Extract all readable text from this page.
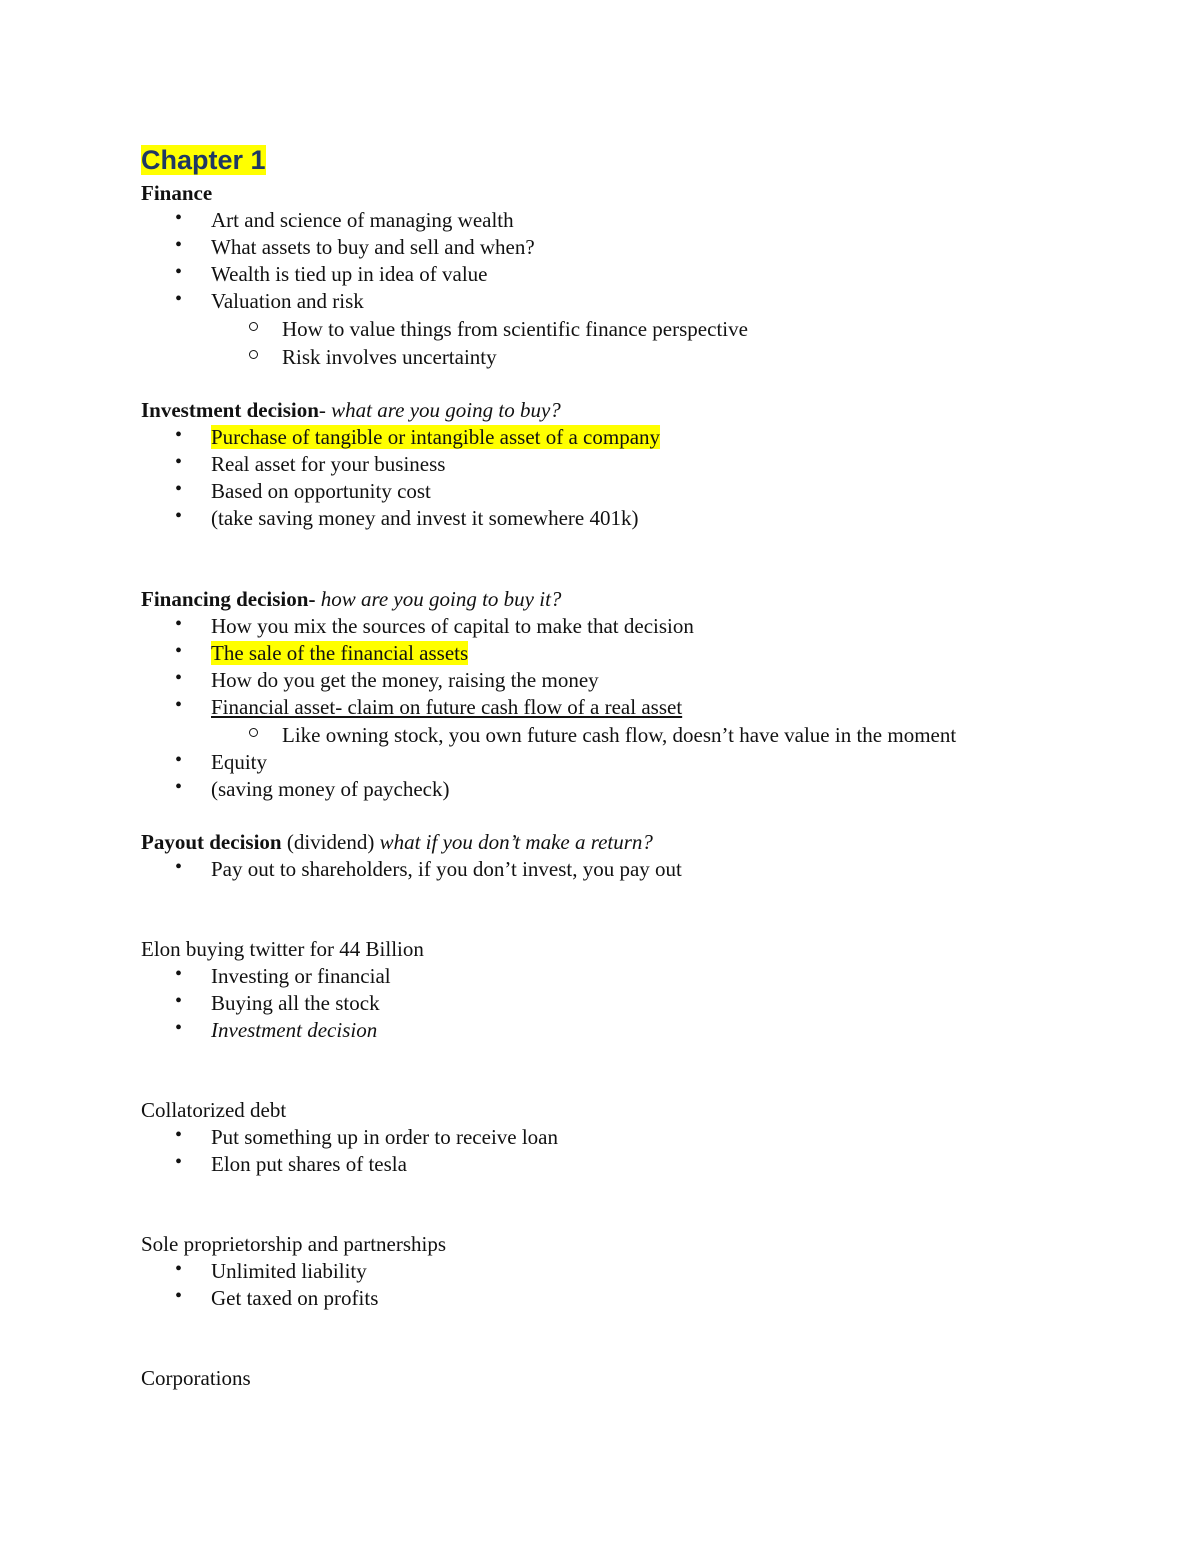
Chapter 1
Finance
• Art and science of managing wealth
• What assets to buy and sell and when?
• Wealth is tied up in idea of value
• Valuation and risk
How to value things from scientific finance perspective
Risk involves uncertainty
Investment decision- what are you going to buy?
• Purchase of tangible or intangible asset of a company
• Real asset for your business
• Based on opportunity cost
• (take saving money and invest it somewhere 401k)
Financing decision- how are you going to buy it?
• How you mix the sources of capital to make that decision
• The sale of the financial assets
• How do you get the money, raising the money
• Financial asset- claim on future cash flow of a real asset
Like owning stock, you own future cash flow, doesn’t have value in the moment
• Equity
• (saving money of paycheck)
Payout decision (dividend) what if you don’t make a return?
• Pay out to shareholders, if you don’t invest, you pay out
Elon buying twitter for 44 Billion
• Investing or financial
• Buying all the stock
• Investment decision
Collatorized debt
• Put something up in order to receive loan
• Elon put shares of tesla
Sole proprietorship and partnerships
• Unlimited liability
• Get taxed on profits
Corporations
